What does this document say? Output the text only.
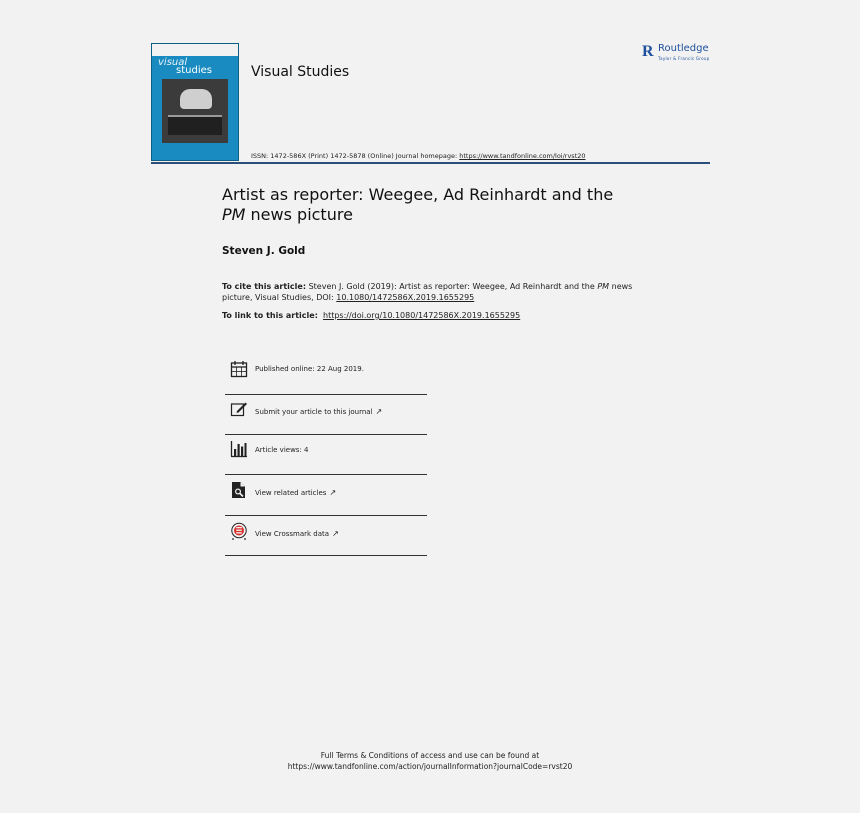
visual
studies	Visual Studies
R Routledge
Taylor & Francis Group
ISSN: 1472-586X (Print) 1472-5878 (Online) Journal homepage: https://www.tandfonline.com/loi/rvst20
Artist as reporter: Weegee, Ad Reinhardt and the
PM news picture
Steven J. Gold
To cite this article: Steven J. Gold (2019): Artist as reporter: Weegee, Ad Reinhardt and the PM news picture, Visual Studies, DOI: 10.1080/1472586X.2019.1655295
To link to this article: https://doi.org/10.1080/1472586X.2019.1655295
Published online: 22 Aug 2019.
Submit your article to this journal ↗
Article views: 4
View related articles ↗
View Crossmark data ↗
Full Terms & Conditions of access and use can be found at
https://www.tandfonline.com/action/journalInformation?journalCode=rvst20
